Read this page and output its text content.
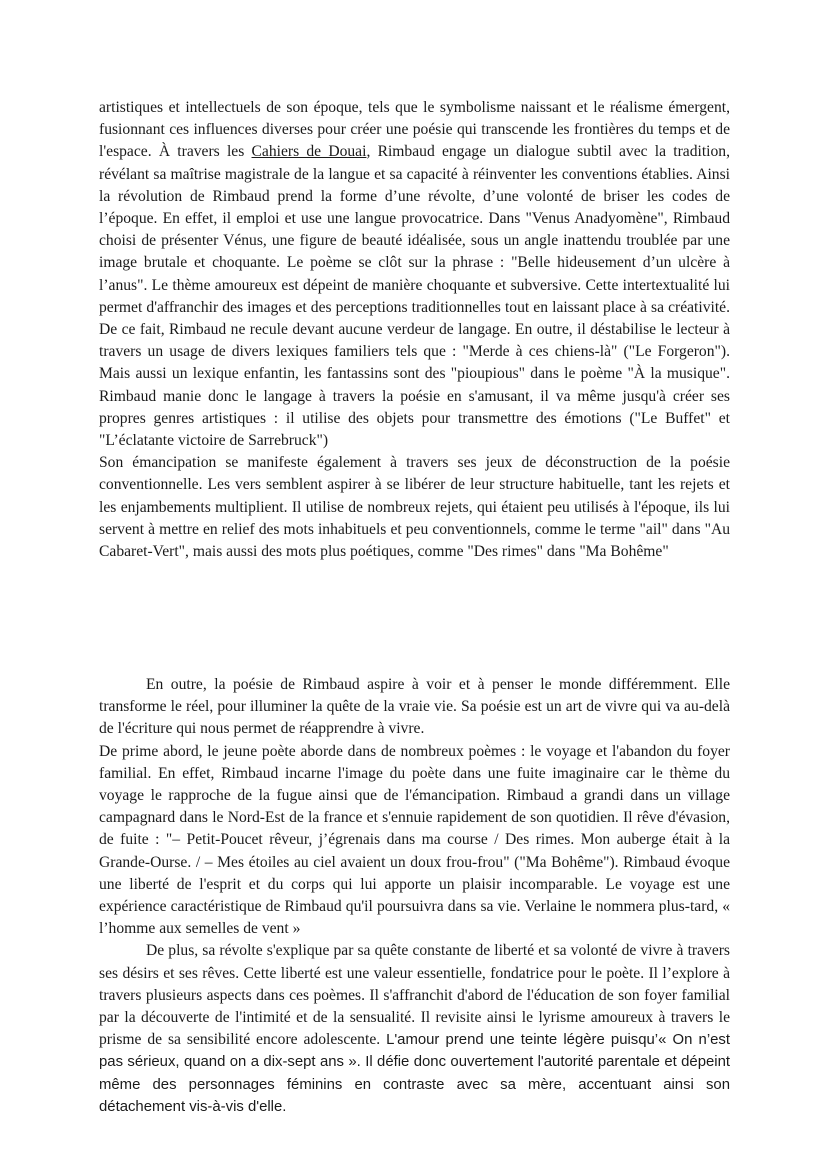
artistiques et intellectuels de son époque, tels que le symbolisme naissant et le réalisme émergent, fusionnant ces influences diverses pour créer une poésie qui transcende les frontières du temps et de l'espace. À travers les Cahiers de Douai, Rimbaud engage un dialogue subtil avec la tradition, révélant sa maîtrise magistrale de la langue et sa capacité à réinventer les conventions établies. Ainsi la révolution de Rimbaud prend la forme d’une révolte, d’une volonté de briser les codes de l’époque. En effet, il emploi et use une langue provocatrice. Dans "Venus Anadyomène", Rimbaud choisi de présenter Vénus, une figure de beauté idéalisée, sous un angle inattendu troublée par une image brutale et choquante. Le poème se clôt sur la phrase : "Belle hideusement d’un ulcère à l’anus". Le thème amoureux est dépeint de manière choquante et subversive. Cette intertextualité lui permet d'affranchir des images et des perceptions traditionnelles tout en laissant place à sa créativité. De ce fait, Rimbaud ne recule devant aucune verdeur de langage. En outre, il déstabilise le lecteur à travers un usage de divers lexiques familiers tels que : "Merde à ces chiens-là" ("Le Forgeron"). Mais aussi un lexique enfantin, les fantassins sont des "pioupious" dans le poème "À la musique". Rimbaud manie donc le langage à travers la poésie en s'amusant, il va même jusqu'à créer ses propres genres artistiques : il utilise des objets pour transmettre des émotions ("Le Buffet" et "L’éclatante victoire de Sarrebruck")

Son émancipation se manifeste également à travers ses jeux de déconstruction de la poésie conventionnelle. Les vers semblent aspirer à se libérer de leur structure habituelle, tant les rejets et les enjambements multiplient. Il utilise de nombreux rejets, qui étaient peu utilisés à l'époque, ils lui servent à mettre en relief des mots inhabituels et peu conventionnels, comme le terme "ail" dans "Au Cabaret-Vert", mais aussi des mots plus poétiques, comme "Des rimes" dans "Ma Bohême"

En outre, la poésie de Rimbaud aspire à voir et à penser le monde différemment. Elle transforme le réel, pour illuminer la quête de la vraie vie. Sa poésie est un art de vivre qui va au-delà de l'écriture qui nous permet de réapprendre à vivre.

De prime abord, le jeune poète aborde dans de nombreux poèmes : le voyage et l'abandon du foyer familial. En effet, Rimbaud incarne l'image du poète dans une fuite imaginaire car le thème du voyage le rapproche de la fugue ainsi que de l'émancipation. Rimbaud a grandi dans un village campagnard dans le Nord-Est de la france et s'ennuie rapidement de son quotidien. Il rêve d'évasion, de fuite : "– Petit-Poucet rêveur, j’égrenais dans ma course / Des rimes. Mon auberge était à la Grande-Ourse. / – Mes étoiles au ciel avaient un doux frou-frou" ("Ma Bohême"). Rimbaud évoque une liberté de l'esprit et du corps qui lui apporte un plaisir incomparable. Le voyage est une expérience caractéristique de Rimbaud qu'il poursuivra dans sa vie. Verlaine le nommera plus-tard, « l’homme aux semelles de vent »

De plus, sa révolte s'explique par sa quête constante de liberté et sa volonté de vivre à travers ses désirs et ses rêves. Cette liberté est une valeur essentielle, fondatrice pour le poète. Il l’explore à travers plusieurs aspects dans ces poèmes. Il s'affranchit d'abord de l'éducation de son foyer familial par la découverte de l'intimité et de la sensualité. Il revisite ainsi le lyrisme amoureux à travers le prisme de sa sensibilité encore adolescente. L'amour prend une teinte légère puisqu’« On n’est pas sérieux, quand on a dix-sept ans ». Il défie donc ouvertement l'autorité parentale et dépeint même des personnages féminins en contraste avec sa mère, accentuant ainsi son détachement vis-à-vis d'elle.
